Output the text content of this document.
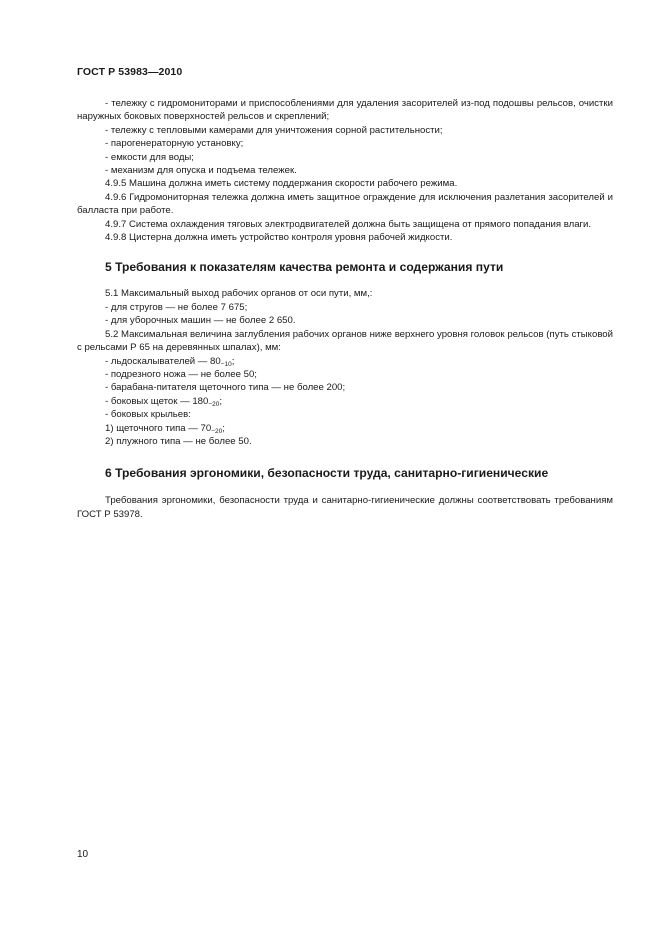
ГОСТ Р 53983—2010

- тележку с гидромониторами и приспособлениями для удаления засорителей из-под подошвы рельсов, очистки наружных боковых поверхностей рельсов и скреплений;

- тележку с тепловыми камерами для уничтожения сорной растительности;

- парогенераторную установку;

- емкости для воды;

- механизм для опуска и подъема тележек.

4.9.5 Машина должна иметь систему поддержания скорости рабочего режима.

4.9.6 Гидромониторная тележка должна иметь защитное ограждение для исключения разлетания засорителей и балласта при работе.

4.9.7 Система охлаждения тяговых электродвигателей должна быть защищена от прямого попадания влаги.

4.9.8 Цистерна должна иметь устройство контроля уровня рабочей жидкости.

5 Требования к показателям качества ремонта и содержания пути

5.1 Максимальный выход рабочих органов от оси пути, мм,:

- для стругов — не более 7 675;

- для уборочных машин — не более 2 650.

5.2 Максимальная величина заглубления рабочих органов ниже верхнего уровня головок рельсов (путь стыковой с рельсами Р 65 на деревянных шпалах), мм:

- льдоскалывателей — $80_{-10}$;

- подрезного ножа — не более 50;

- барабана-питателя щеточного типа — не более 200;

- боковых щеток — $180_{-20}$;

- боковых крыльев:

1) щеточного типа — $70_{-20}$;

2) плужного типа — не более 50.

6 Требования эргономики, безопасности труда, санитарно-гигиенические

Требования эргономики, безопасности труда и санитарно-гигиенические должны соответствовать требованиям ГОСТ Р 53978.

10
